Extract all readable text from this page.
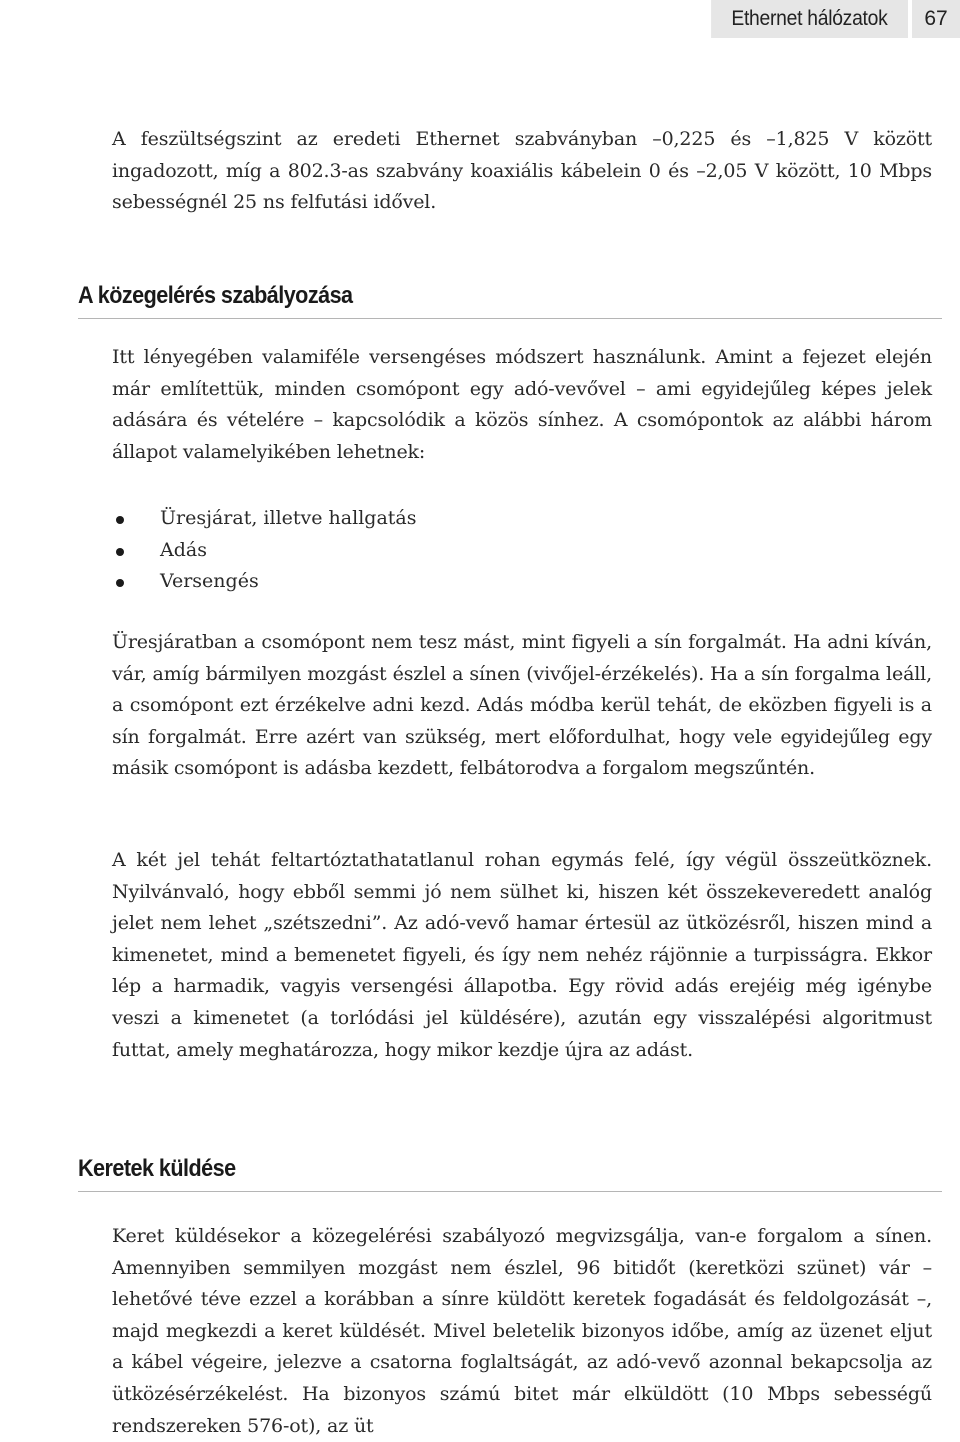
Ethernet hálózatok	67

A feszültségszint az eredeti Ethernet szabványban –0,225 és –1,825 V között ingadozott, míg a 802.3-as szabvány koaxiális kábelein 0 és –2,05 V között, 10 Mbps sebességnél 25 ns felfutási idővel.

A közegelérés szabályozása

Itt lényegében valamiféle versengéses módszert használunk. Amint a fejezet elején már említettük, minden csomópont egy adó-vevővel – ami egyidejűleg képes jelek adására és vételére – kapcsolódik a közös sínhez. A csomópontok az alábbi három állapot valamelyikében lehetnek:

Üresjárat, illetve hallgatás
Adás
Versengés

Üresjáratban a csomópont nem tesz mást, mint figyeli a sín forgalmát. Ha adni kíván, vár, amíg bármilyen mozgást észlel a sínen (vivőjel-érzékelés). Ha a sín forgalma leáll, a csomópont ezt érzékelve adni kezd. Adás módba kerül tehát, de eközben figyeli is a sín forgalmát. Erre azért van szükség, mert előfordulhat, hogy vele egyidejűleg egy másik csomópont is adásba kezdett, felbátorodva a forgalom megszűntén.

A két jel tehát feltartóztathatatlanul rohan egymás felé, így végül összeütköznek. Nyilvánvaló, hogy ebből semmi jó nem sülhet ki, hiszen két összekeveredett analóg jelet nem lehet „szétszedni”. Az adó-vevő hamar értesül az ütközésről, hiszen mind a kimenetet, mind a bemenetet figyeli, és így nem nehéz rájönnie a turpisságra. Ekkor lép a harmadik, vagyis versengési állapotba. Egy rövid adás erejéig még igénybe veszi a kimenetet (a torlódási jel küldésére), azután egy visszalépési algoritmust futtat, amely meghatározza, hogy mikor kezdje újra az adást.

Keretek küldése

Keret küldésekor a közegelérési szabályozó megvizsgálja, van-e forgalom a sínen. Amennyiben semmilyen mozgást nem észlel, 96 bitidőt (keretközi szünet) vár – lehetővé téve ezzel a korábban a sínre küldött keretek fogadását és feldolgozását –, majd megkezdi a keret küldését. Mivel beletelik bizonyos időbe, amíg az üzenet eljut a kábel végeire, jelezve a csatorna foglaltságát, az adó-vevő azonnal bekapcsolja az ütközésérzékelést. Ha bizonyos számú bitet már elküldött (10 Mbps sebességű rendszereken 576-ot), az üt
